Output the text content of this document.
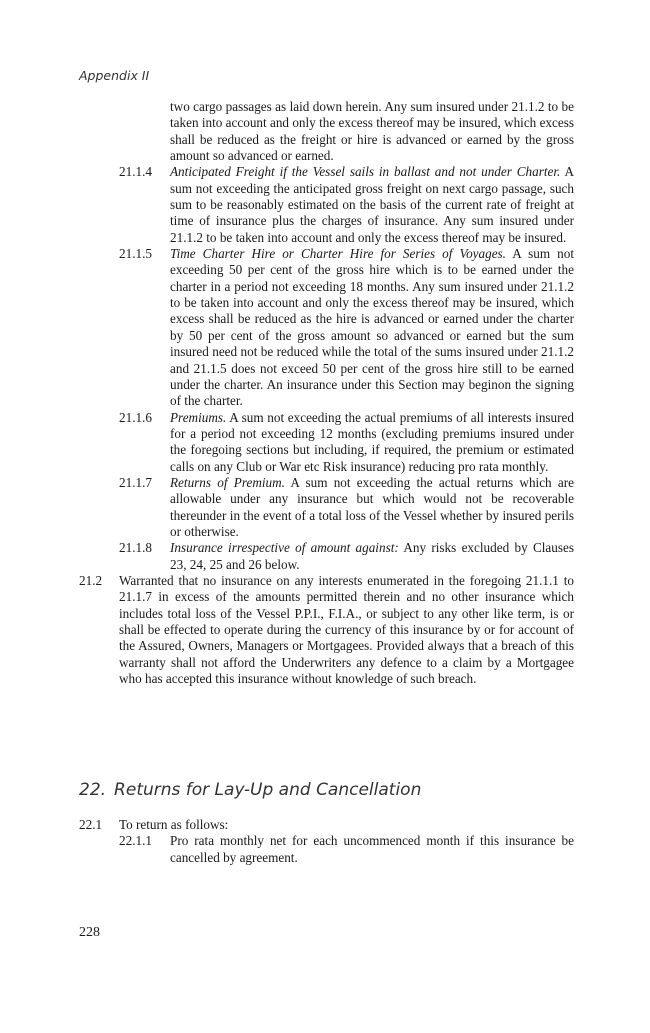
Appendix II

two cargo passages as laid down herein. Any sum insured under 21.1.2 to be taken into account and only the excess thereof may be insured, which excess shall be reduced as the freight or hire is advanced or earned by the gross amount so advanced or earned.

21.1.4 Anticipated Freight if the Vessel sails in ballast and not under Charter. A sum not exceeding the anticipated gross freight on next cargo passage, such sum to be reasonably estimated on the basis of the current rate of freight at time of insurance plus the charges of insurance. Any sum insured under 21.1.2 to be taken into account and only the excess thereof may be insured.

21.1.5 Time Charter Hire or Charter Hire for Series of Voyages. A sum not exceeding 50 per cent of the gross hire which is to be earned under the charter in a period not exceeding 18 months. Any sum insured under 21.1.2 to be taken into account and only the excess thereof may be insured, which excess shall be reduced as the hire is advanced or earned under the charter by 50 per cent of the gross amount so advanced or earned but the sum insured need not be reduced while the total of the sums insured under 21.1.2 and 21.1.5 does not exceed 50 per cent of the gross hire still to be earned under the charter. An insurance under this Section may beginon the signing of the charter.

21.1.6 Premiums. A sum not exceeding the actual premiums of all interests insured for a period not exceeding 12 months (excluding premiums insured under the foregoing sections but including, if required, the premium or estimated calls on any Club or War etc Risk insurance) reducing pro rata monthly.

21.1.7 Returns of Premium. A sum not exceeding the actual returns which are allowable under any insurance but which would not be recoverable thereunder in the event of a total loss of the Vessel whether by insured perils or otherwise.

21.1.8 Insurance irrespective of amount against: Any risks excluded by Clauses 23, 24, 25 and 26 below.

21.2 Warranted that no insurance on any interests enumerated in the foregoing 21.1.1 to 21.1.7 in excess of the amounts permitted therein and no other insurance which includes total loss of the Vessel P.P.I., F.I.A., or subject to any other like term, is or shall be effected to operate during the currency of this insurance by or for account of the Assured, Owners, Managers or Mortgagees. Provided always that a breach of this warranty shall not afford the Underwriters any defence to a claim by a Mortgagee who has accepted this insurance without knowledge of such breach.

22. Returns for Lay-Up and Cancellation

22.1 To return as follows:

22.1.1 Pro rata monthly net for each uncommenced month if this insurance be cancelled by agreement.

228
